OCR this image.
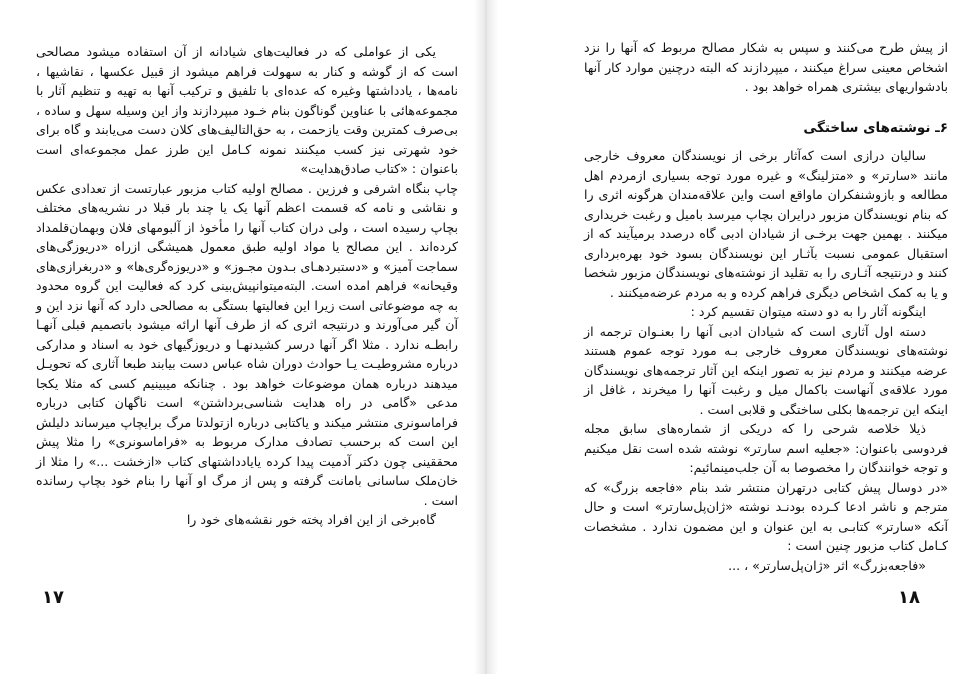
یکی از عواملی که در فعالیت‌های شیادانه از آن استفاده میشود مصالحی است که از گوشه و کنار به سهولت فراهم میشود از قبیل عکسها ، نقاشیها ، نامه‌ها ، یادداشتها وغیره که عده‌ای با تلفیق و ترکیب آنها به تهیه و تنظیم آثار با مجموعه‌هائی با عناوین گوناگون بنام خـود مبپردازند واز این وسیله سهل و ساده ، بی‌صرف کمترین وقت یازحمت ، به حق‌التالیف‌های کلان دست می‌یابند و گاه برای خود شهرتی نیز کسب میکنند نمونه کـامل این طرز عمل مجموعه‌ای است باعنوان : «کتاب صادق‌هدایت»

چاپ بنگاه اشرفی و فرزین . مصالح اولیه کتاب مزبور عبارتست از تعدادی عکس و نقاشی و نامه که قسمت اعظم آنها یک یا چند بار قبلا در نشریه‌های مختلف بچاپ رسیده است ، ولی دران کتاب آنها را مأخوذ از آلبومهای فلان وبهمان‌قلمداد کرده‌اند . این مصالح یا مواد اولیه طبق معمول همیشگی ازراه «دریوزگی‌های سماجت آمیز» و «دستبردهـای بـدون مجـوز» و «دریوزه‌گری‌ها» و «دربغرازی‌های وقیحانه» فراهم امده است. البته‌میتوانپیش‌بینی کرد که فعالیت این گروه محدود به چه موضوعاتی است زیرا این فعالیتها بستگی به مصالحی دارد که آنها نزد این و آن گیر می‌آورند و درنتیجه اثری که از طرف آنها ارائه میشود باتصمیم قبلی آنهـا رابطـه ندارد . مثلا اگر آنها درسر کشیدنهـا و دریوزگیهای خود به اسناد و مدارکی درباره مشروطیـت یـا حوادث دوران شاه عباس دست بیابند طبعا آثاری که تحویـل میدهند درباره همان موضوعات خواهد بود . چنانکه میبینیم کسی که مثلا یکجا مدعی «گامی در راه هدایت شناسی‌برداشتن» است ناگهان کتابی درباره فراماسونری منتشر میکند و یاکتابی درباره ازتولدتا مرگ برایچاپ میرساند دلیلش این است که برحسب تصادف مدارک مربوط به «فراماسونری» را مثلا پیش محققینی چون دکتر آدمیت پیدا کرده یایادداشتهای کتاب «ازخشت ...» را مثلا از خان‌ملک ساسانی بامانت گرفته و پس از مرگ او آنها را بنام خود بچاپ رسانده است .

گاه‌برخی از این افراد پخته خور نقشه‌های خود را

۱۷
از پیش طرح می‌کنند و سپس به شکار مصالح مربوط که آنها را نزد اشخاص معینی سراغ میکنند ، میپردازند که البته درچنین موارد کار آنها بادشواریهای بیشتری همراه خواهد بود .
۶ـ نوشته‌های ساختگی

سالیان درازی است که‌آثار برخی از نویسندگان معروف خارجی مانند «سارتر» و «متزلینگ» و غیره مورد توجه بسیاری ازمردم اهل مطالعه و بازوشنفکران ماواقع است واین علاقه‌مندان هرگونه اثری را که بنام نویسندگان مزبور درایران بچاپ میرسد بامیل و رغبت خریداری میکنند . بهمین جهت برخـی از شیادان ادبی گاه درصدد برمیآیند که از استقبال عمومی نسبت بآثـار این نویسندگان بسود خود بهره‌برداری کنند و درنتیجه آثـاری را به تقلید از نوشته‌های نویسندگان مزبور شخصا و یا به کمک اشخاص دیگری فراهم کرده و به مردم عرضه‌میکنند .

اینگونه آثار را به دو دسته میتوان تقسیم کرد :

دسته اول آثاری است که شیادان ادبی آنها را بعنـوان ترجمه از نوشته‌های نویسندگان معروف خارجی بـه مورد توجه عموم هستند عرضه میکنند و مردم نیز به تصور اینکه این آثار ترجمه‌های نویسندگان مورد علاقه‌ی آنهاست باکمال میل و رغبت آنها را میخرند ، غافل از اینکه این ترجمه‌ها بکلی ساختگی و قلابی است .

ذیلا خلاصه شرحی را که دریکی از شماره‌های سابق مجله فردوسی باعنوان: «جعلیه اسم سارتر» نوشته شده است نقل میکنیم و توجه خوانندگان را مخصوصا به آن جلب‌مینمائیم:

«در دوسال پیش کتابی درتهران منتشر شد بنام «فاجعه بزرگ» که مترجم و ناشر ادعا کـرده بودنـد نوشته «ژان‌پل‌سارتر» است و حال آنکه «سارتر» کتابـی به این عنوان و این مضمون ندارد . مشخصات کـامل کتاب مزبور چنین است :

«فاجعه‌بزرگ» اثر «ژان‌پل‌سارتر» ، ...

۱۸
